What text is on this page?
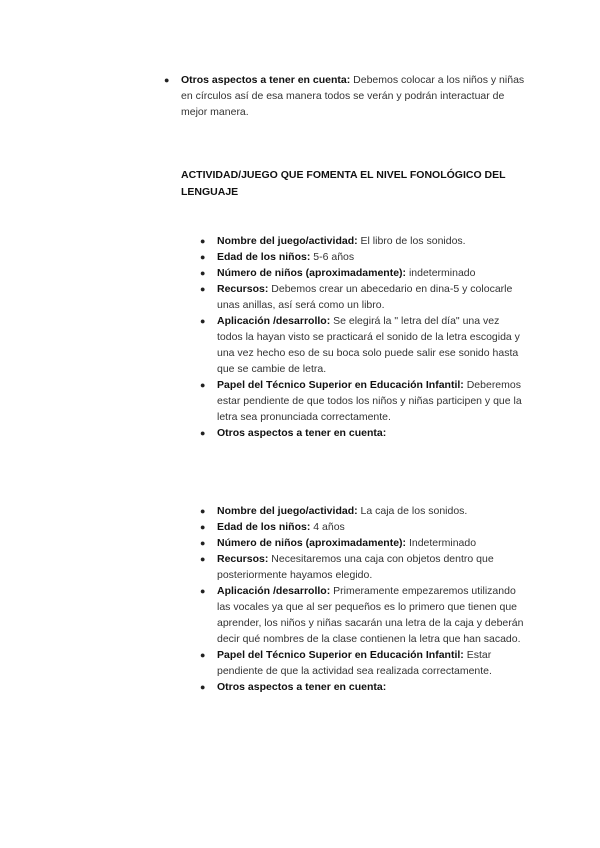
● Otros aspectos a tener en cuenta: Debemos colocar a los niños y niñas en círculos así de esa manera todos se verán y podrán interactuar de mejor manera.
ACTIVIDAD/JUEGO QUE FOMENTA EL NIVEL FONOLÓGICO DEL LENGUAJE
● Nombre del juego/actividad: El libro de los sonidos.
● Edad de los niños: 5-6 años
● Número de niños (aproximadamente): indeterminado
● Recursos: Debemos crear un abecedario en dina-5 y colocarle unas anillas, así será como un libro.
● Aplicación /desarrollo: Se elegirá la " letra del día" una vez todos la hayan visto se practicará el sonido de la letra escogida y una vez hecho eso de su boca solo puede salir ese sonido hasta que se cambie de letra.
● Papel del Técnico Superior en Educación Infantil: Deberemos estar pendiente de que todos los niños y niñas participen y que la letra sea pronunciada correctamente.
● Otros aspectos a tener en cuenta:
● Nombre del juego/actividad: La caja de los sonidos.
● Edad de los niños: 4 años
● Número de niños (aproximadamente): Indeterminado
● Recursos: Necesitaremos una caja con objetos dentro que posteriormente hayamos elegido.
● Aplicación /desarrollo: Primeramente empezaremos utilizando las vocales ya que al ser pequeños es lo primero que tienen que aprender, los niños y niñas sacarán una letra de la caja y deberán decir qué nombres de la clase contienen la letra que han sacado.
● Papel del Técnico Superior en Educación Infantil: Estar pendiente de que la actividad sea realizada correctamente.
● Otros aspectos a tener en cuenta:
